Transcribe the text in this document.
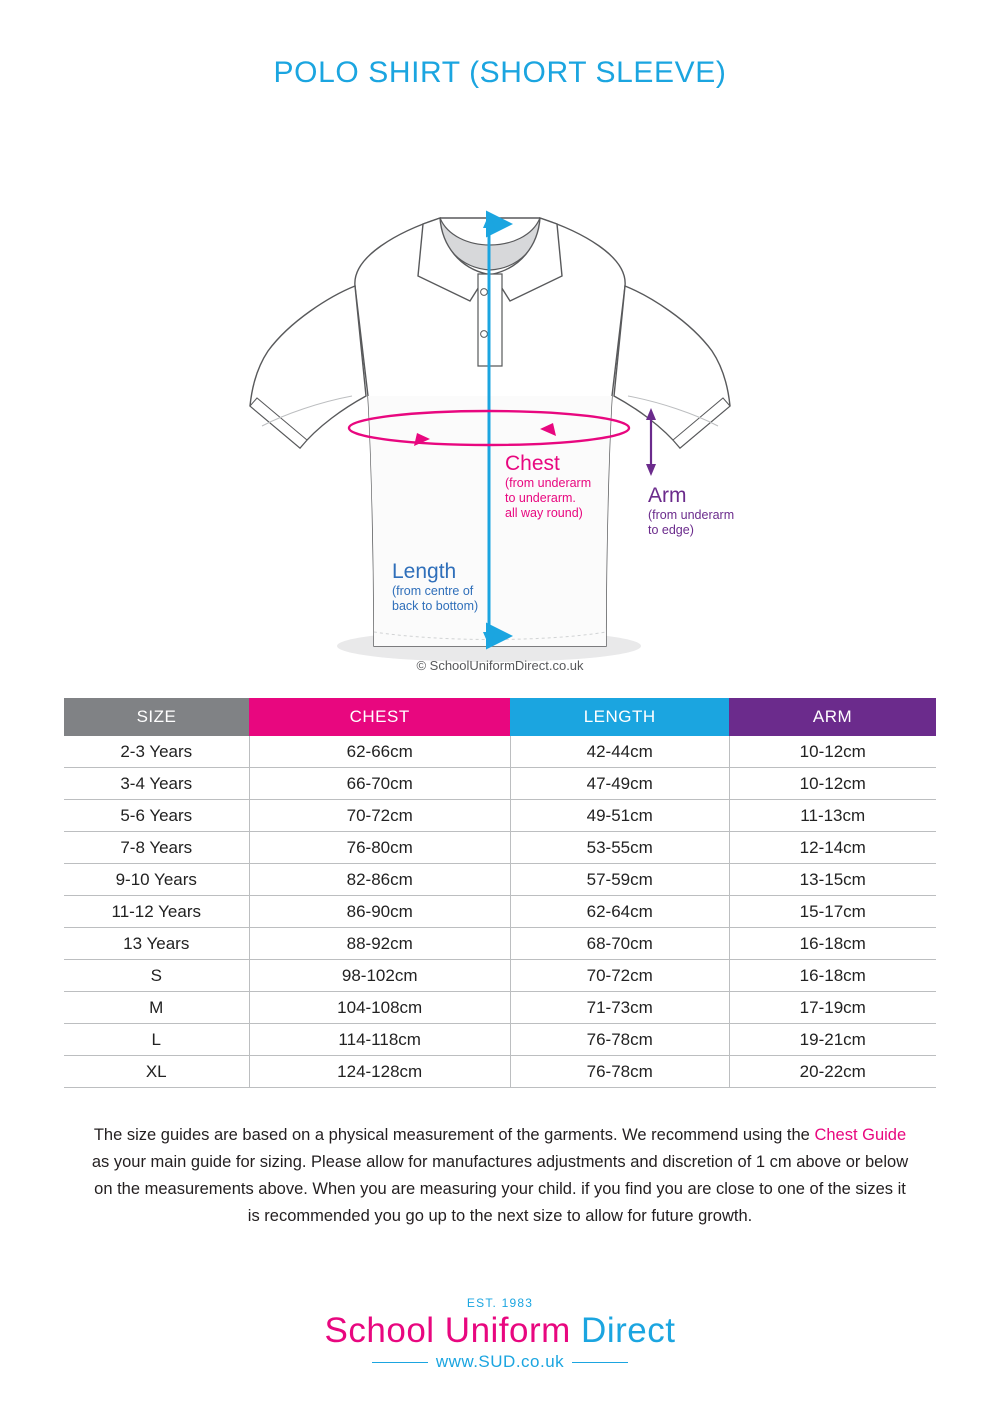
POLO SHIRT (SHORT SLEEVE)
Chest
(from underarm
to underarm.
all way round)
Arm
(from underarm
to edge)
Length
(from centre of
back to bottom)
© SchoolUniformDirect.co.uk
SIZE	CHEST	LENGTH	ARM
2-3 Years	62-66cm	42-44cm	10-12cm
3-4 Years	66-70cm	47-49cm	10-12cm
5-6 Years	70-72cm	49-51cm	11-13cm
7-8 Years	76-80cm	53-55cm	12-14cm
9-10 Years	82-86cm	57-59cm	13-15cm
11-12 Years	86-90cm	62-64cm	15-17cm
13 Years	88-92cm	68-70cm	16-18cm
S	98-102cm	70-72cm	16-18cm
M	104-108cm	71-73cm	17-19cm
L	114-118cm	76-78cm	19-21cm
XL	124-128cm	76-78cm	20-22cm
The size guides are based on a physical measurement of the garments. We recommend using the Chest Guide as your main guide for sizing. Please allow for manufactures adjustments and discretion of 1 cm above or below on the measurements above. When you are measuring your child. if you find you are close to one of the sizes it is recommended you go up to the next size to allow for future growth.
EST. 1983
School Uniform Direct
www.SUD.co.uk
